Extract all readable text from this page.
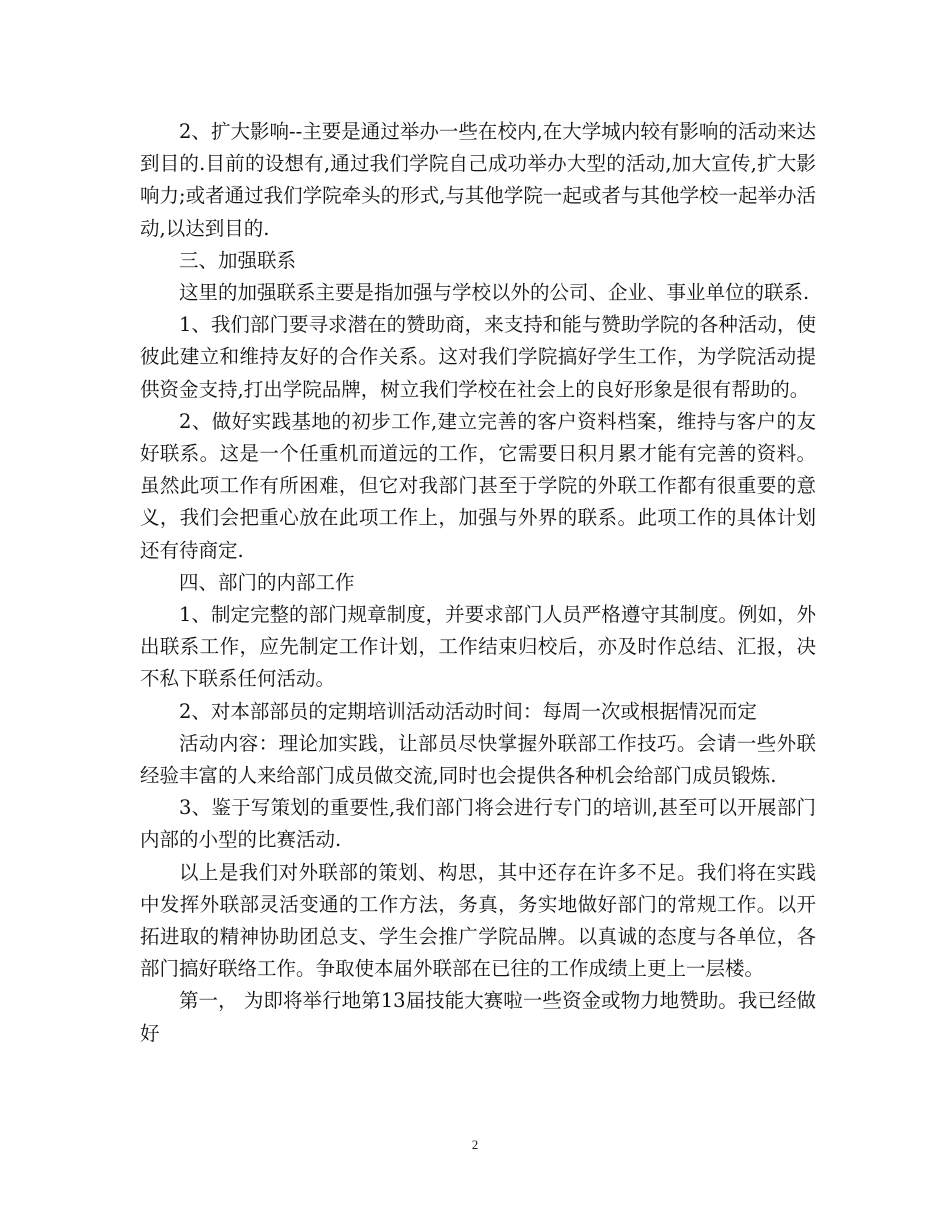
2、扩大影响--主要是通过举办一些在校内,在大学城内较有影响的活动来达到目的.目前的设想有,通过我们学院自己成功举办大型的活动,加大宣传,扩大影响力;或者通过我们学院牵头的形式,与其他学院一起或者与其他学校一起举办活动,以达到目的.

三、加强联系

这里的加强联系主要是指加强与学校以外的公司、企业、事业单位的联系.

1、我们部门要寻求潜在的赞助商，来支持和能与赞助学院的各种活动，使彼此建立和维持友好的合作关系。这对我们学院搞好学生工作，为学院活动提供资金支持,打出学院品牌，树立我们学校在社会上的良好形象是很有帮助的。

2、做好实践基地的初步工作,建立完善的客户资料档案，维持与客户的友好联系。这是一个任重机而道远的工作，它需要日积月累才能有完善的资料。虽然此项工作有所困难，但它对我部门甚至于学院的外联工作都有很重要的意义，我们会把重心放在此项工作上，加强与外界的联系。此项工作的具体计划还有待商定.

四、部门的内部工作

1、制定完整的部门规章制度，并要求部门人员严格遵守其制度。例如，外出联系工作，应先制定工作计划，工作结束归校后，亦及时作总结、汇报，决不私下联系任何活动。

2、对本部部员的定期培训活动活动时间：每周一次或根据情况而定

活动内容：理论加实践，让部员尽快掌握外联部工作技巧。会请一些外联经验丰富的人来给部门成员做交流,同时也会提供各种机会给部门成员锻炼.

3、鉴于写策划的重要性,我们部门将会进行专门的培训,甚至可以开展部门内部的小型的比赛活动.

以上是我们对外联部的策划、构思，其中还存在许多不足。我们将在实践中发挥外联部灵活变通的工作方法，务真，务实地做好部门的常规工作。以开拓进取的精神协助团总支、学生会推广学院品牌。以真诚的态度与各单位，各部门搞好联络工作。争取使本届外联部在已往的工作成绩上更上一层楼。

第一， 为即将举行地第13届技能大赛啦一些资金或物力地赞助。我已经做好

2
